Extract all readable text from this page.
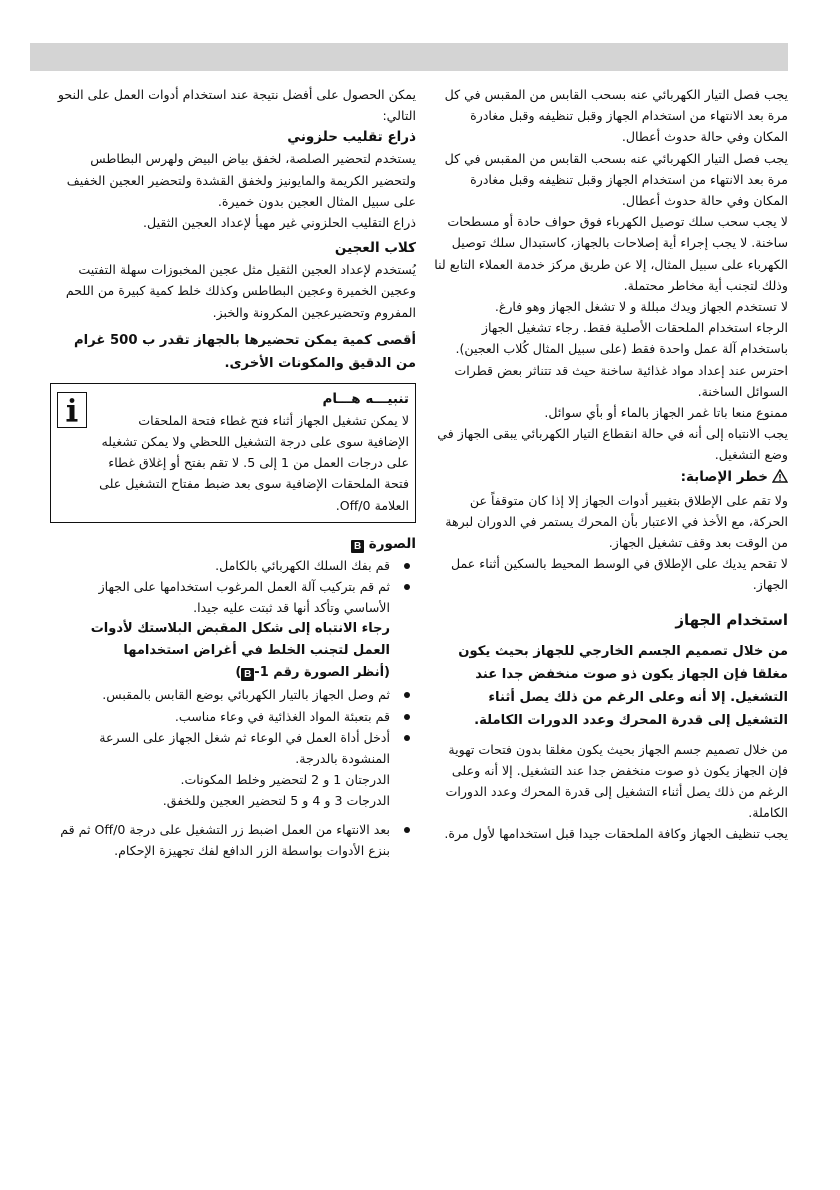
يجب فصل التيار الكهربائي عنه بسحب القابس من المقبس في كل مرة بعد الانتهاء من استخدام الجهاز وقبل تنظيفه وقبل مغادرة المكان وفي حالة حدوث أعطال.

يجب فصل التيار الكهربائي عنه بسحب القابس من المقبس في كل مرة بعد الانتهاء من استخدام الجهاز وقبل تنظيفه وقبل مغادرة المكان وفي حالة حدوث أعطال.

لا يجب سحب سلك توصيل الكهرباء فوق حواف حادة أو مسطحات ساخنة. لا يجب إجراء أية إصلاحات بالجهاز، كاستبدال سلك توصيل الكهرباء على سبيل المثال، إلا عن طريق مركز خدمة العملاء التابع لنا وذلك لتجنب أية مخاطر محتملة.

لا تستخدم الجهاز ويدك مبللة و لا تشغل الجهاز وهو فارغ.

الرجاء استخدام الملحقات الأصلية فقط. رجاء تشغيل الجهاز باستخدام آلة عمل واحدة فقط (على سبيل المثال كُلاب العجين).

احترس عند إعداد مواد غذائية ساخنة حيث قد تتناثر بعض قطرات السوائل الساخنة.

ممنوع منعا باتا غمر الجهاز بالماء أو بأي سوائل.

يجب الانتباه إلى أنه في حالة انقطاع التيار الكهربائي يبقى الجهاز في وضع التشغيل.

خطر الإصابة:

ولا تقم على الإطلاق بتغيير أدوات الجهاز إلا إذا كان متوقفاً عن الحركة، مع الأخذ في الاعتبار بأن المحرك يستمر في الدوران لبرهة من الوقت بعد وقف تشغيل الجهاز.

لا تقحم يديك على الإطلاق في الوسط المحيط بالسكين أثناء عمل الجهاز.

استخدام الجهاز

من خلال تصميم الجسم الخارجي للجهاز بحيث يكون مغلقا فإن الجهاز يكون ذو صوت منخفض جدا عند التشغيل. إلا أنه وعلى الرغم من ذلك يصل أثناء التشغيل إلى قدرة المحرك وعدد الدورات الكاملة.

من خلال تصميم جسم الجهاز بحيث يكون مغلقا بدون فتحات تهوية فإن الجهاز يكون ذو صوت منخفض جدا عند التشغيل. إلا أنه وعلى الرغم من ذلك يصل أثناء التشغيل إلى قدرة المحرك وعدد الدورات الكاملة.

يجب تنظيف الجهاز وكافة الملحقات جيدا قبل استخدامها لأول مرة.

يمكن الحصول على أفضل نتيجة عند استخدام أدوات العمل على النحو التالي:

ذراع تقليب حلزوني

يستخدم لتحضير الصلصة، لخفق بياض البيض ولهرس البطاطس ولتحضير الكريمة والمايونيز ولخفق القشدة ولتحضير العجين الخفيف على سبيل المثال العجين بدون خميرة.

ذراع التقليب الحلزوني غير مهيأ لإعداد العجين الثقيل.

كلاب العجين

يُستخدم لإعداد العجين الثقيل مثل عجين المخبوزات سهلة التفتيت وعجين الخميرة وعجين البطاطس وكذلك خلط كمية كبيرة من اللحم المفروم وتحضيرعجين المكرونة والخبز.

أقصى كمية يمكن تحضيرها بالجهاز تقدر ب 500 غرام من الدقيق والمكونات الأخرى.

تنبيـــه هـــام

لا يمكن تشغيل الجهاز أثناء فتح غطاء فتحة الملحقات الإضافية سوى على درجة التشغيل اللحظي ولا يمكن تشغيله على درجات العمل من 1 إلى 5. لا تقم بفتح أو إغلاق غطاء فتحة الملحقات الإضافية سوى بعد ضبط مفتاح التشغيل على العلامة Off/0.

الصورة B
قم بفك السلك الكهربائي بالكامل.
ثم قم بتركيب آلة العمل المرغوب استخدامها على الجهاز الأساسي وتأكد أنها قد ثبتت عليه جيدا.
رجاء الانتباه إلى شكل المقبض البلاستك لأدوات العمل لتجنب الخلط في أغراض استخدامها
(أنظر الصورة رقم 1-B)
ثم وصل الجهاز بالتيار الكهربائي بوضع القابس بالمقبس.
قم بتعبئة المواد الغذائية في وعاء مناسب.
أدخل أداة العمل في الوعاء ثم شغل الجهاز على السرعة المنشودة بالدرجة.
الدرجتان 1 و 2 لتحضير وخلط المكونات.
الدرجات 3 و 4 و 5 لتحضير العجين وللخفق.
بعد الانتهاء من العمل اضبط زر التشغيل على درجة Off/0 ثم قم بنزع الأدوات بواسطة الزر الدافع لفك تجهيزة الإحكام.
